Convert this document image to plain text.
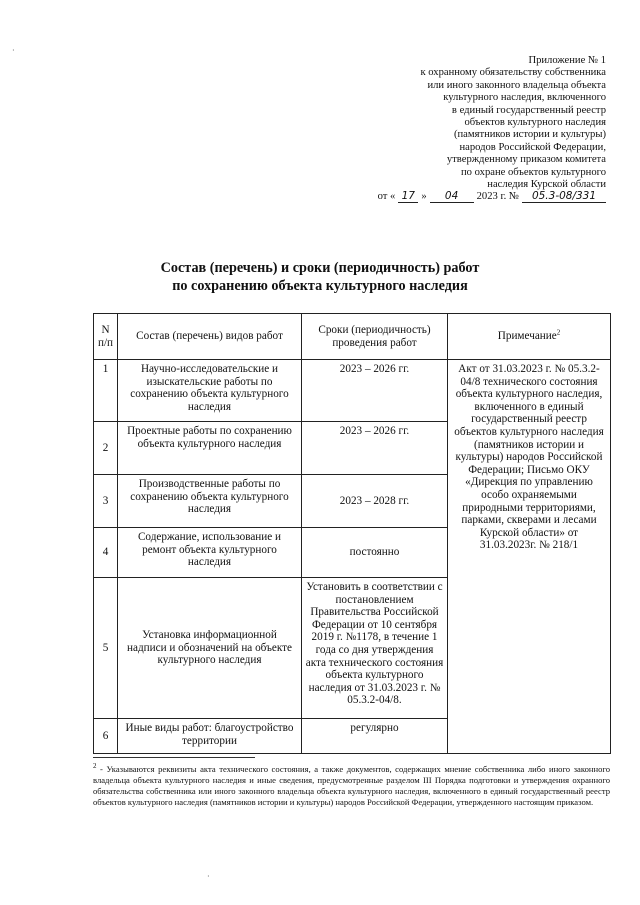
·
·
Приложение № 1
к охранному обязательству собственника
или иного законного владельца объекта
культурного наследия, включенного
в единый государственный реестр
объектов культурного наследия
(памятников истории и культуры)
народов Российской Федерации,
утвержденному приказом комитета
по охране объектов культурного
наследия Курской области
от « 17 »	04	2023 г. №	05.3-08/331
Состав (перечень) и сроки (периодичность) работ
по сохранению объекта культурного наследия
N п/п	Состав (перечень) видов работ	Сроки (периодичность) проведения работ	Примечание$^2$
1	Научно-исследовательские и изыскательские работы по сохранению объекта культурного наследия	2023 – 2026 гг.	Акт от 31.03.2023 г. № 05.3.2-04/8 технического состояния объекта культурного наследия, включенного в единый государственный реестр объектов культурного наследия (памятников истории и культуры) народов Российской Федерации; Письмо ОКУ «Дирекция по управлению особо охраняемыми природными территориями, парками, скверами и лесами Курской области» от 31.03.2023г. № 218/1
2	Проектные работы по сохранению объекта культурного наследия	2023 – 2026 гг.	
3	Производственные работы по сохранению объекта культурного наследия	2023 – 2028 гг.	
4	Содержание, использование и ремонт объекта культурного наследия	постоянно	
5	Установка информационной надписи и обозначений на объекте культурного наследия	Установить в соответствии с постановлением Правительства Российской Федерации от 10 сентября 2019 г. №1178, в течение 1 года со дня утверждения акта технического состояния объекта культурного наследия от 31.03.2023 г. № 05.3.2-04/8.	
6	Иные виды работ: благоустройство территории	регулярно	
$^2$ - Указываются реквизиты акта технического состояния, а также документов, содержащих мнение собственника либо иного законного владельца объекта культурного наследия и иные сведения, предусмотренные разделом III Порядка подготовки и утверждения охранного обязательства собственника или иного законного владельца объекта культурного наследия, включенного в единый государственный реестр объектов культурного наследия (памятников истории и культуры) народов Российской Федерации, утвержденного настоящим приказом.
